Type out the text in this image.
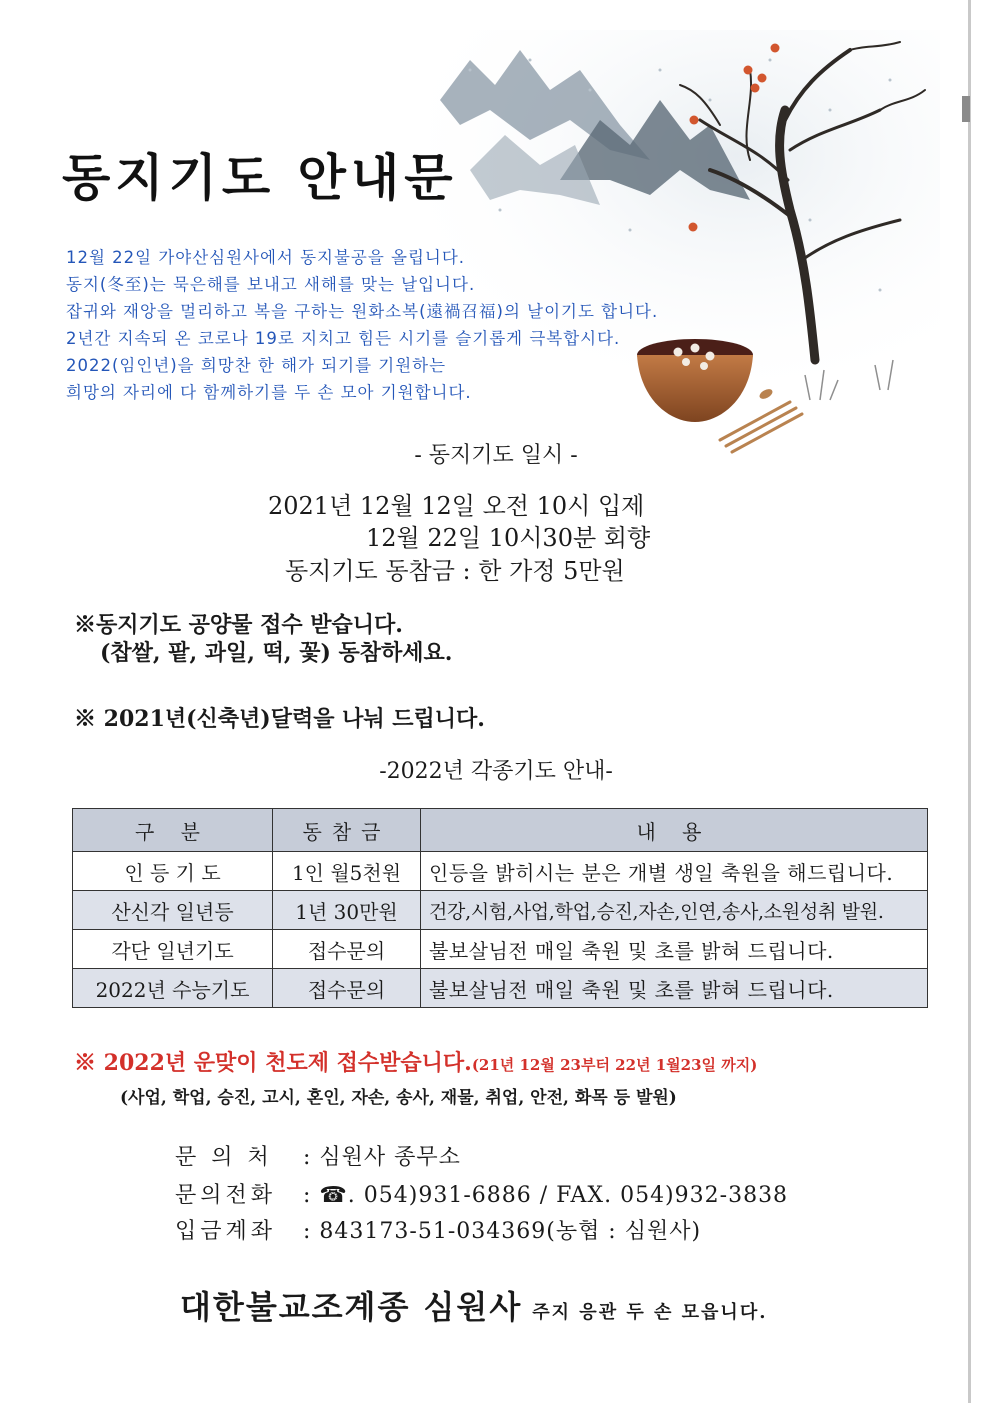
동지기도 안내문
12월 22일 가야산심원사에서 동지불공을 올립니다.
동지(冬至)는 묵은해를 보내고 새해를 맞는 날입니다.
잡귀와 재앙을 멀리하고 복을 구하는 원화소복(遠禍召福)의 날이기도 합니다.
2년간 지속되 온 코로나 19로 지치고 힘든 시기를 슬기롭게 극복합시다.
2022(임인년)을 희망찬 한 해가 되기를 기원하는
희망의 자리에 다 함께하기를 두 손 모아 기원합니다.
- 동지기도 일시 -
2021년 12월 12일 오전 10시 입제
12월 22일 10시30분 회향
동지기도 동참금 : 한 가정 5만원
※동지기도 공양물 접수 받습니다.
(찹쌀, 팥, 과일, 떡, 꽃) 동참하세요.
※ 2021년(신축년)달력을 나눠 드립니다.
-2022년 각종기도 안내-
구 분	동참금	내 용
인 등 기 도	1인 월5천원	인등을 밝히시는 분은 개별 생일 축원을 해드립니다.
산신각 일년등	1년 30만원	건강,시험,사업,학업,승진,자손,인연,송사,소원성취 발원.
각단 일년기도	접수문의	불보살님전 매일 축원 및 초를 밝혀 드립니다.
2022년 수능기도	접수문의	불보살님전 매일 축원 및 초를 밝혀 드립니다.
※ 2022년 운맞이 천도제 접수받습니다.(21년 12월 23부터 22년 1월23일 까지)
(사업, 학업, 승진, 고시, 혼인, 자손, 송사, 재물, 취업, 안전, 화목 등 발원)
문 의 처 : 심원사 종무소
문의전화 : ☎. 054)931-6886 / FAX. 054)932-3838
입금계좌 : 843173-51-034369(농협 : 심원사)
대한불교조계종 심원사 주지 응관 두 손 모읍니다.
